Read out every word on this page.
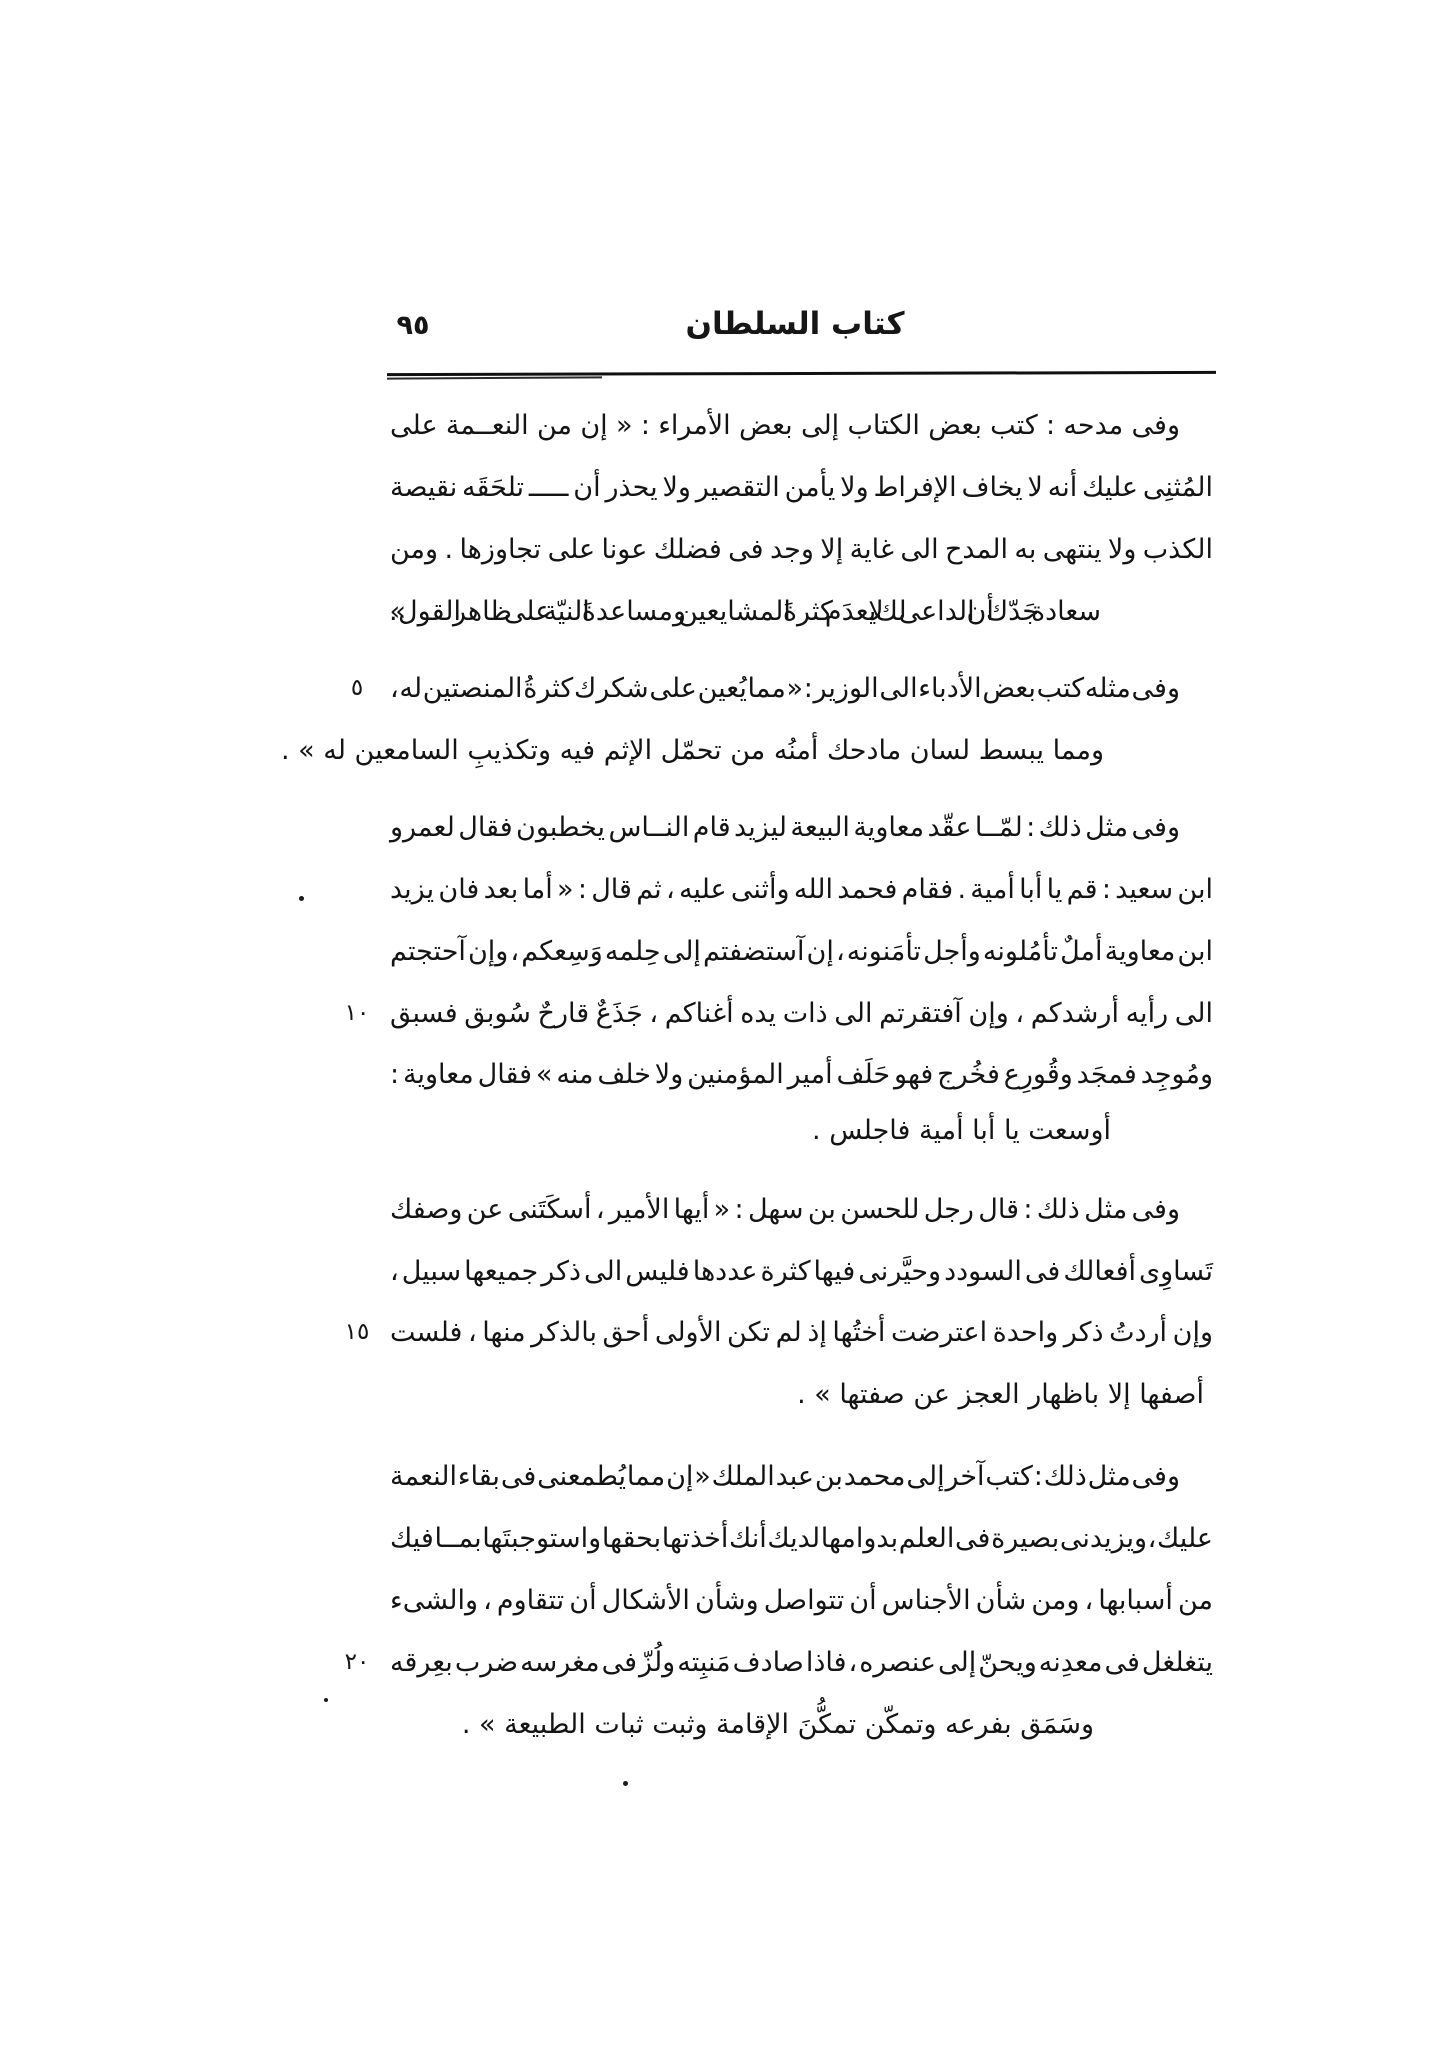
كتاب السلطان
٩٥
وفى مدحه : كتب بعض الكتاب إلى بعض الأمراء : « إن من النعــمة على
المُثنِى عليك أنه لا يخاف الإفراط ولا يأمن التقصير ولا يحذر أن ـــــ تلحَقَه نقيصة
الكذب ولا ينتهى به المدح الى غاية إلا وجد فى فضلك عونا على تجاوزها . ومن
سعادة جَدّك أن الداعى لك لا يعدَم كثرةَ المشايعين ومساعدةَ النيّة على ظاهر القول » .
وفى مثله كتب بعض الأدباء الى الوزير : « مما يُعين على شكرك كثرةُ المنصتين له ،
ومما يبسط لسان مادحك أمنُه من تحمّل الإثم فيه وتكذيبِ السامعين له » .
وفى مثل ذلك : لمّــا عقّد معاوية البيعة ليزيد قام النــاس يخطبون فقال لعمرو
ابن سعيد : قم يا أبا أمية . فقام فحمد الله وأثنى عليه ، ثم قال : « أما بعد فان يزيد
ابن معاوية أملٌ تأمُلونه وأجل تأمَنونه ، إن آستضفتم إلى حِلمه وَسِعكم ، وإن آحتجتم
الى رأيه أرشدكم ، وإن آفتقرتم الى ذات يده أغناكم ، جَذَعٌ قارحٌ سُوبق فسبق
ومُوجِد فمجَد وقُورِع فخُرج فهو حَلَف أمير المؤمنين ولا خلف منه » فقال معاوية :
أوسعت يا أبا أمية فاجلس .
وفى مثل ذلك : قال رجل للحسن بن سهل : « أيها الأمير ، أسكَتَنى عن وصفك
تَساوِى أفعالك فى السودد وحيَّرنى فيها كثرة عددها فليس الى ذكر جميعها سبيل ،
وإن أردتُ ذكر واحدة اعترضت أختُها إذ لم تكن الأولى أحق بالذكر منها ، فلست
أصفها إلا باظهار العجز عن صفتها » .
وفى مثل ذلك : كتب آخر إلى محمد بن عبد الملك « إن مما يُطمعنى فى بقاء النعمة
عليك ، ويزيدنى بصيرة فى العلم بدوامها لديك أنك أخذتها بحقها واستوجبتَها بمــا فيك
من أسبابها ، ومن شأن الأجناس أن تتواصل وشأن الأشكال أن تتقاوم ، والشىء
يتغلغل فى معدِنه ويحنّ إلى عنصره ، فاذا صادف مَنبِته ولُزّ فى مغرسه ضرب بعِرقه
وسَمَق بفرعه وتمكّن تمكُّنَ الإقامة وثبت ثبات الطبيعة » .
٥
١٠
١٥
٢٠
